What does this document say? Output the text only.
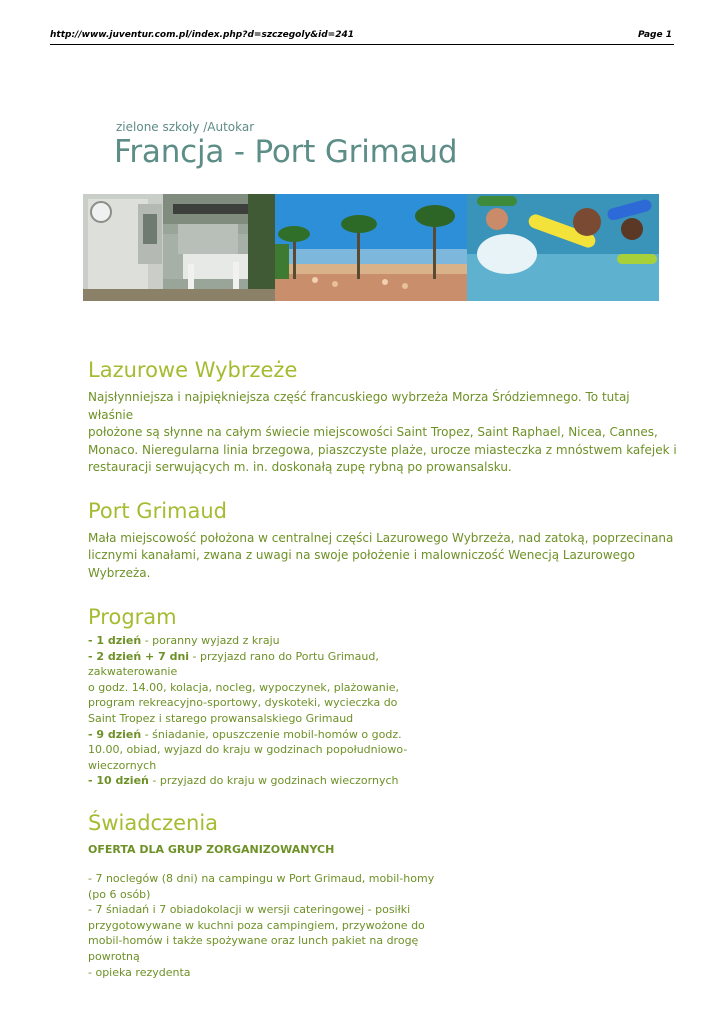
http://www.juventur.com.pl/index.php?d=szczegoly&id=241	Page 1
zielone szkoły /Autokar
Francja - Port Grimaud
Lazurowe Wybrzeże

Najsłynniejsza i najpiękniejsza część francuskiego wybrzeża Morza Śródziemnego. To tutaj właśnie

położone są słynne na całym świecie miejscowości Saint Tropez, Saint Raphael, Nicea, Cannes,

Monaco. Nieregularna linia brzegowa, piaszczyste plaże, urocze miasteczka z mnóstwem kafejek i

restauracji serwujących m. in. doskonałą zupę rybną po prowansalsku.

Port Grimaud

Mała miejscowość położona w centralnej części Lazurowego Wybrzeża, nad zatoką, poprzecinana

licznymi kanałami, zwana z uwagi na swoje położenie i malowniczość Wenecją Lazurowego

Wybrzeża.

Program
- 1 dzień - poranny wyjazd z kraju
- 2 dzień + 7 dni - przyjazd rano do Portu Grimaud,
zakwaterowanie
o godz. 14.00, kolacja, nocleg, wypoczynek, plażowanie,
program rekreacyjno-sportowy, dyskoteki, wycieczka do
Saint Tropez i starego prowansalskiego Grimaud
- 9 dzień - śniadanie, opuszczenie mobil-homów o godz.
10.00, obiad, wyjazd do kraju w godzinach popołudniowo-
wieczornych
- 10 dzień - przyjazd do kraju w godzinach wieczornych
Świadczenia

OFERTA DLA GRUP ZORGANIZOWANYCH

- 7 noclegów (8 dni) na campingu w Port Grimaud, mobil-homy
(po 6 osób)
- 7 śniadań i 7 obiadokolacji w wersji cateringowej - posiłki
przygotowywane w kuchni poza campingiem, przywożone do
mobil-homów i także spożywane oraz lunch pakiet na drogę
powrotną
- opieka rezydenta
